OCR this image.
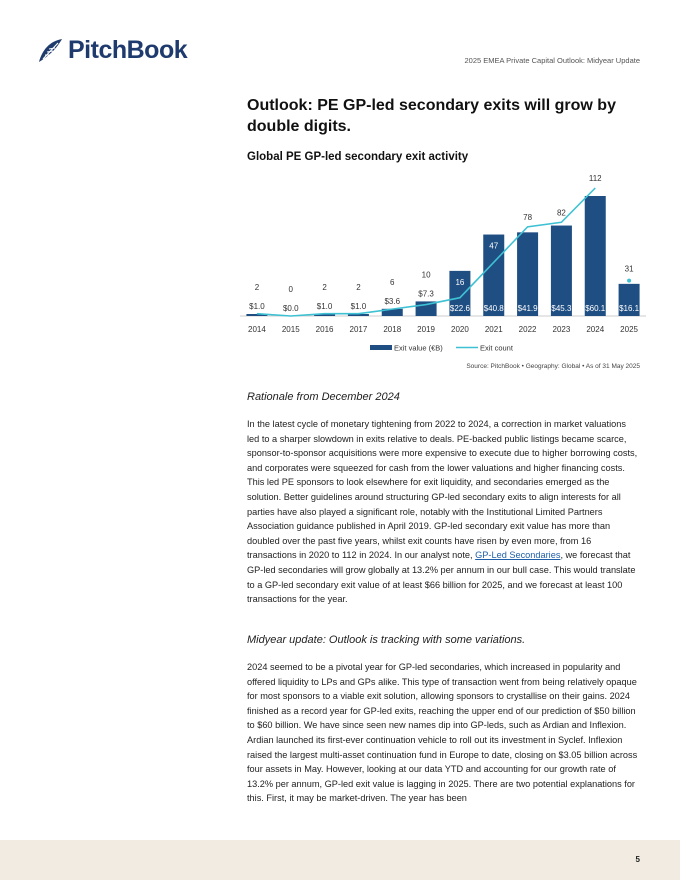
PitchBook	2025 EMEA Private Capital Outlook: Midyear Update
Outlook: PE GP-led secondary exits will grow by double digits.
Global PE GP-led secondary exit activity
$1.0 $0.0 $1.0 $1.0
$3.6
$7.3
$22.6 $40.8 $41.9 $45.3 $60.1 $16.1
2	0	2	2
6
10
16
47
78
82
112
31
2014 2015 2016 2017 2018 2019 2020 2021 2022 2023 2024 2025
Exit value (€B)	Exit count
Source: PitchBook • Geography: Global • As of 31 May 2025
Rationale from December 2024

In the latest cycle of monetary tightening from 2022 to 2024, a correction in market valuations led to a sharper slowdown in exits relative to deals. PE-backed public listings became scarce, sponsor-to-sponsor acquisitions were more expensive to execute due to higher borrowing costs, and corporates were squeezed for cash from the lower valuations and higher financing costs. This led PE sponsors to look elsewhere for exit liquidity, and secondaries emerged as the solution. Better guidelines around structuring GP-led secondary exits to align interests for all parties have also played a significant role, notably with the Institutional Limited Partners Association guidance published in April 2019. GP-led secondary exit value has more than doubled over the past five years, whilst exit counts have risen by even more, from 16 transactions in 2020 to 112 in 2024. In our analyst note, GP-Led Secondaries, we forecast that GP-led secondaries will grow globally at 13.2% per annum in our bull case. This would translate to a GP-led secondary exit value of at least $66 billion for 2025, and we forecast at least 100 transactions for the year.

Midyear update: Outlook is tracking with some variations.

2024 seemed to be a pivotal year for GP-led secondaries, which increased in popularity and offered liquidity to LPs and GPs alike. This type of transaction went from being relatively opaque for most sponsors to a viable exit solution, allowing sponsors to crystallise on their gains. 2024 finished as a record year for GP-led exits, reaching the upper end of our prediction of $50 billion to $60 billion. We have since seen new names dip into GP-leds, such as Ardian and Inflexion. Ardian launched its first-ever continuation vehicle to roll out its investment in Syclef. Inflexion raised the largest multi-asset continuation fund in Europe to date, closing on $3.05 billion across four assets in May. However, looking at our data YTD and accounting for our growth rate of 13.2% per annum, GP-led exit value is lagging in 2025. There are two potential explanations for this. First, it may be market-driven. The year has been

5
